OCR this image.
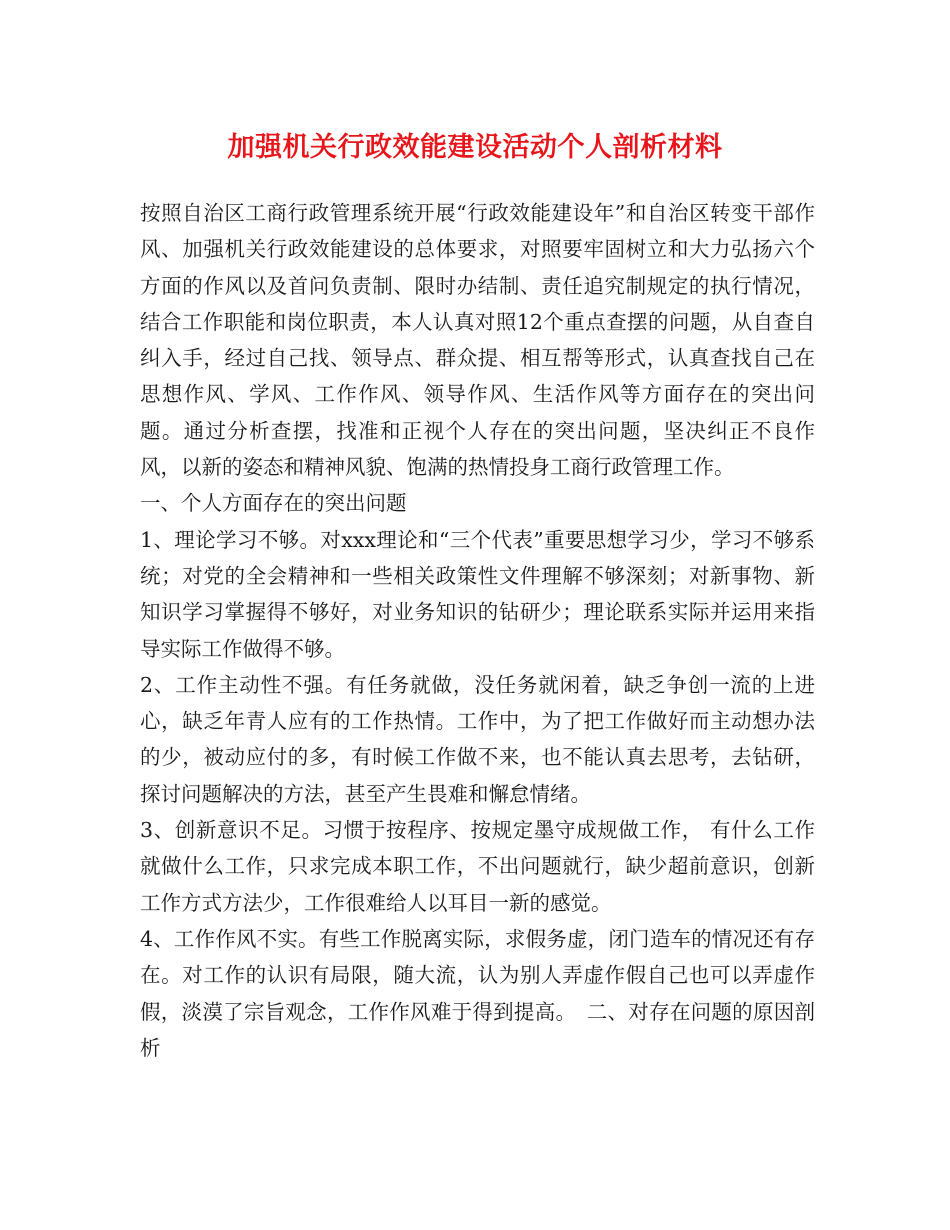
加强机关行政效能建设活动个人剖析材料

按照自治区工商行政管理系统开展“行政效能建设年”和自治区转变干部作风、加强机关行政效能建设的总体要求，对照要牢固树立和大力弘扬六个方面的作风以及首问负责制、限时办结制、责任追究制规定的执行情况，结合工作职能和岗位职责，本人认真对照12个重点查摆的问题，从自查自纠入手，经过自己找、领导点、群众提、相互帮等形式，认真查找自己在思想作风、学风、工作作风、领导作风、生活作风等方面存在的突出问题。通过分析查摆，找准和正视个人存在的突出问题，坚决纠正不良作风，以新的姿态和精神风貌、饱满的热情投身工商行政管理工作。

一、个人方面存在的突出问题

1、理论学习不够。对xxx理论和“三个代表”重要思想学习少，学习不够系统；对党的全会精神和一些相关政策性文件理解不够深刻；对新事物、新知识学习掌握得不够好，对业务知识的钻研少；理论联系实际并运用来指导实际工作做得不够。

2、工作主动性不强。有任务就做，没任务就闲着，缺乏争创一流的上进心，缺乏年青人应有的工作热情。工作中，为了把工作做好而主动想办法的少，被动应付的多，有时候工作做不来，也不能认真去思考，去钻研，探讨问题解决的方法，甚至产生畏难和懈怠情绪。

3、创新意识不足。习惯于按程序、按规定墨守成规做工作， 有什么工作就做什么工作，只求完成本职工作，不出问题就行，缺少超前意识，创新工作方式方法少，工作很难给人以耳目一新的感觉。

4、工作作风不实。有些工作脱离实际，求假务虚，闭门造车的情况还有存在。对工作的认识有局限，随大流，认为别人弄虚作假自己也可以弄虚作假，淡漠了宗旨观念，工作作风难于得到提高。　二、对存在问题的原因剖析
